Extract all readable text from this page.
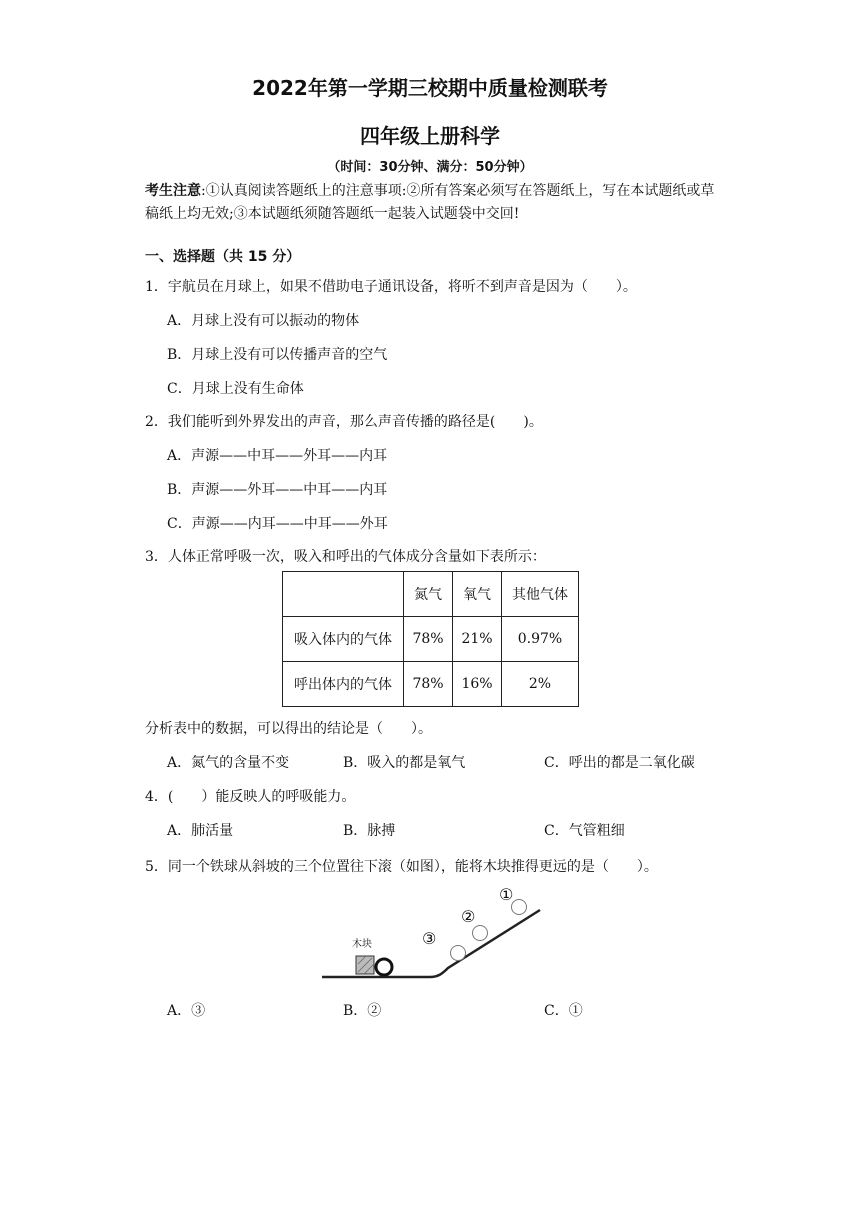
2022年第一学期三校期中质量检测联考
四年级上册科学
（时间：30分钟、满分：50分钟）
考生注意:①认真阅读答题纸上的注意事项:②所有答案必须写在答题纸上，写在本试题纸或草稿纸上均无效;③本试题纸须随答题纸一起装入试题袋中交回!
一、选择题（共 15 分）
1．宇航员在月球上，如果不借助电子通讯设备，将听不到声音是因为（　　）。
A．月球上没有可以振动的物体
B．月球上没有可以传播声音的空气
C．月球上没有生命体
2．我们能听到外界发出的声音，那么声音传播的路径是(　　)。
A．声源——中耳——外耳——内耳
B．声源——外耳——中耳——内耳
C．声源——内耳——中耳——外耳
3．人体正常呼吸一次，吸入和呼出的气体成分含量如下表所示：
	氮气	氧气	其他气体
吸入体内的气体	78%	21%	0.97%
呼出体内的气体	78%	16%	2%
分析表中的数据，可以得出的结论是（　　）。
A．氮气的含量不变	B．吸入的都是氧气	C．呼出的都是二氧化碳
4．(　　）能反映人的呼吸能力。
A．肺活量	B．脉搏	C．气管粗细
5．同一个铁球从斜坡的三个位置往下滚（如图），能将木块推得更远的是（　　）。
木块	③
②
①
A．③	B．②	C．①
